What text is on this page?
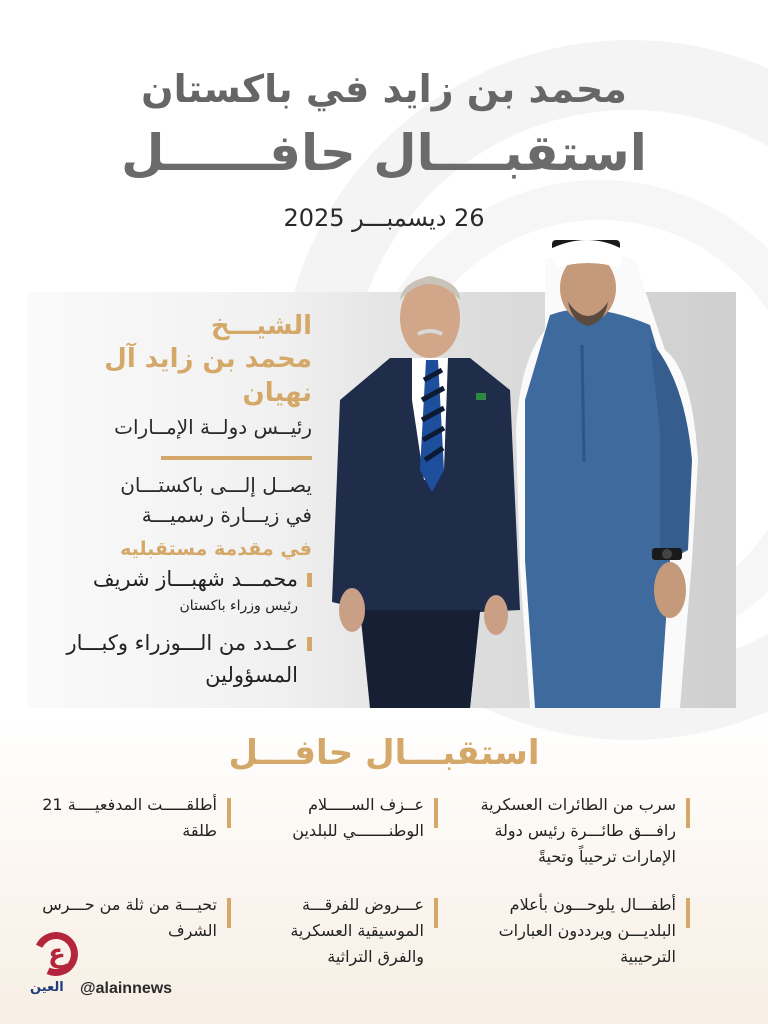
محمد بن زايد في باكستان
استقبــــال حافــــــل
26 ديسمبـــر 2025
الشيـــخ
محمد بن زايد آل نهيان
رئيــس دولــة الإمــارات
يصــل إلـــى باكستـــان
في زيـــارة رسميـــة
في مقدمة مستقبليه
محمـــد شهبـــاز شريف
رئيس وزراء باكستان
عــدد من الـــوزراء وكبـــار المسؤولين
استقبـــال حافـــل
سرب من الطائرات العسكرية رافـــق طائـــرة رئيس دولة الإمارات ترحيباً وتحيةً
عــزف الســـــلام الوطنـــــــي للبلدين
أطلقـــــت المدفعيــــة 21 طلقة
أطفـــال يلوحـــون بأعلام البلديـــن ويرددون العبارات الترحيبية
عـــروض للفرقـــة الموسيقية العسكرية والفرق التراثية
تحيـــة من ثلة من حـــرس الشرف
ع
العين @alainnews
